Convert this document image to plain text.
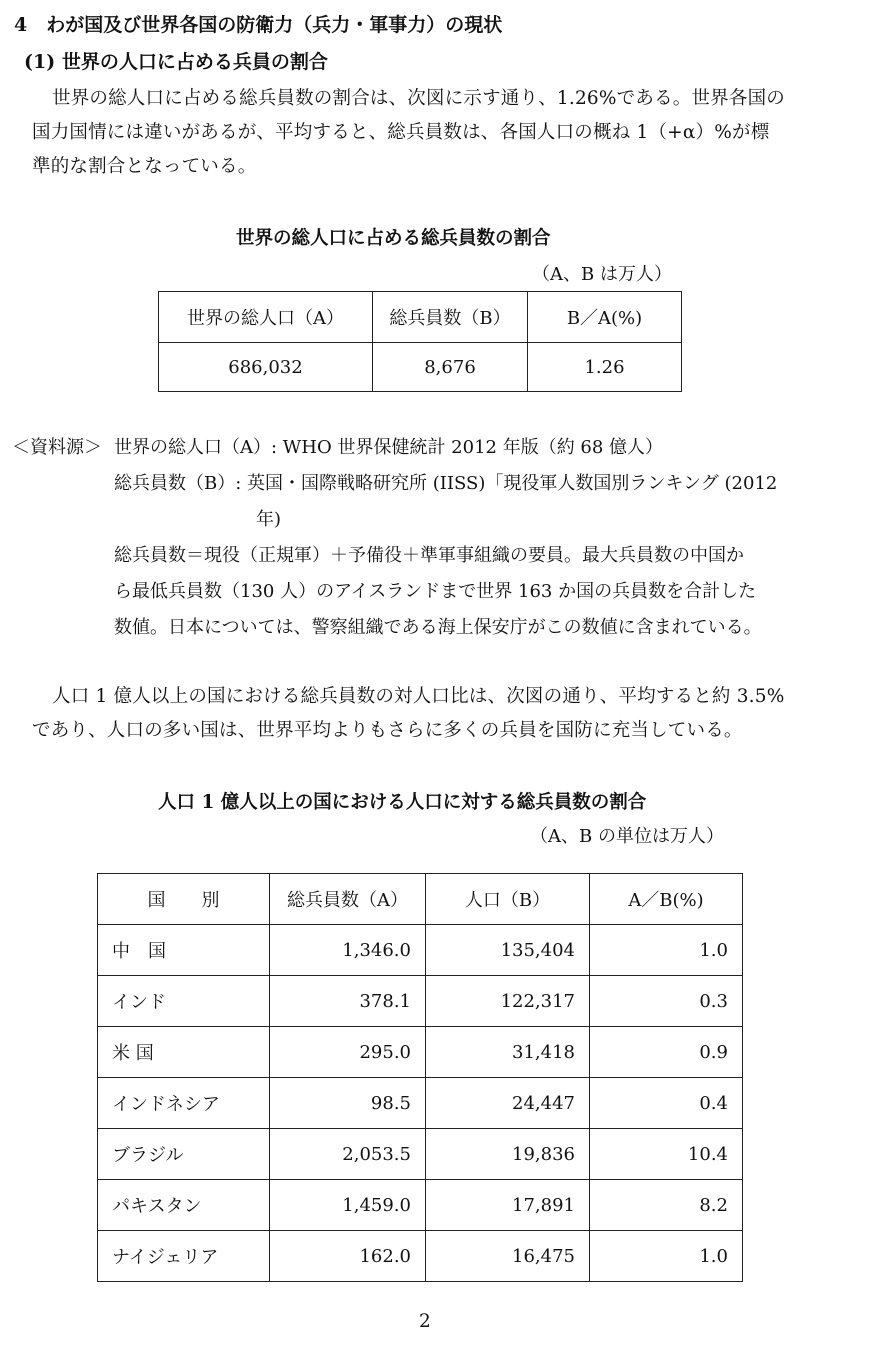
4　わが国及び世界各国の防衛力（兵力・軍事力）の現状
(1) 世界の人口に占める兵員の割合
世界の総人口に占める総兵員数の割合は、次図に示す通り、1.26%である。世界各国の
国力国情には違いがあるが、平均すると、総兵員数は、各国人口の概ね 1（+α）%が標
準的な割合となっている。
世界の総人口に占める総兵員数の割合
（A、B は万人）
世界の総人口（A）	総兵員数（B）	B／A(%)
686,032	8,676	1.26
＜資料源＞ 世界の総人口（A）: WHO 世界保健統計 2012 年版（約 68 億人）
総兵員数（B）: 英国・国際戦略研究所 (IISS)「現役軍人数国別ランキング (2012
年)
総兵員数＝現役（正規軍）＋予備役＋準軍事組織の要員。最大兵員数の中国か
ら最低兵員数（130 人）のアイスランドまで世界 163 か国の兵員数を合計した
数値。日本については、警察組織である海上保安庁がこの数値に含まれている。
人口 1 億人以上の国における総兵員数の対人口比は、次図の通り、平均すると約 3.5%
であり、人口の多い国は、世界平均よりもさらに多くの兵員を国防に充当している。
人口 1 億人以上の国における人口に対する総兵員数の割合
（A、B の単位は万人）
国　　別	総兵員数（A）	人口（B）	A／B(%)
中　国	1,346.0	135,404	1.0
インド	378.1	122,317	0.3
米 国	295.0	31,418	0.9
インドネシア	98.5	24,447	0.4
ブラジル	2,053.5	19,836	10.4
パキスタン	1,459.0	17,891	8.2
ナイジェリア	162.0	16,475	1.0
2
